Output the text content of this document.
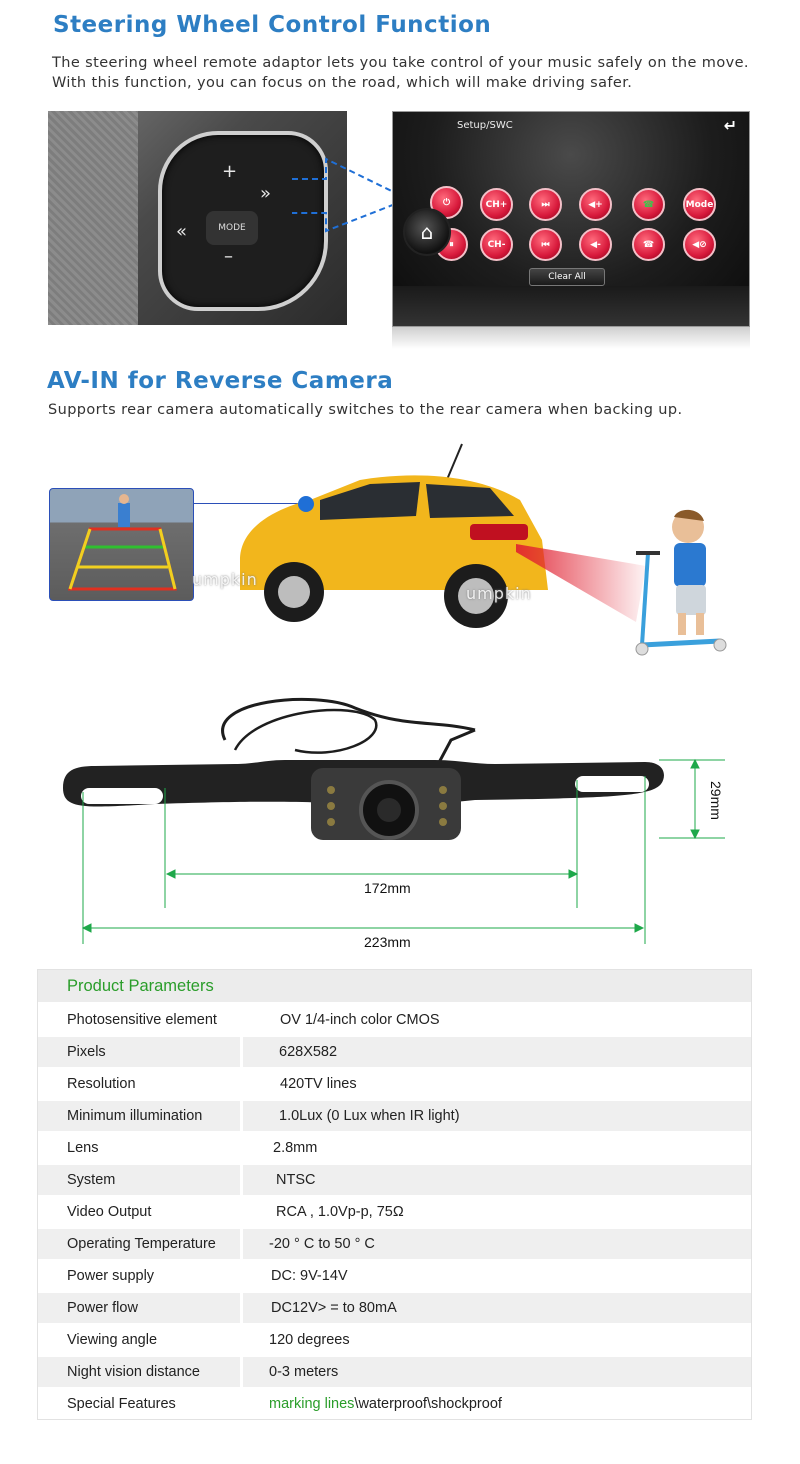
Steering Wheel Control Function
The steering wheel remote adaptor lets you take control of your music safely on the move.
With this function, you can focus on the road, which will make driving safer.
MODE
+
–
«
»
Setup/SWC	↵
⏻	CH+	⏭	◀+	☎	Mode
⏸	CH-	⏮	◀-	☎	◀⊘
⌂
Clear All
AV-IN for Reverse Camera
Supports rear camera automatically switches to the rear camera when backing up.
umpkin
umpkin
29mm
172mm
223mm
Product Parameters
Photosensitive element	OV 1/4-inch color CMOS
Pixels	628X582
Resolution	420TV lines
Minimum illumination	1.0Lux (0 Lux when IR light)
Lens	2.8mm
System	NTSC
Video Output	RCA , 1.0Vp-p, 75Ω
Operating Temperature	-20 ° C to 50 ° C
Power supply	DC: 9V-14V
Power flow	DC12V> = to 80mA
Viewing angle	120 degrees
Night vision distance	0-3 meters
Special Features	marking lines\waterproof\shockproof
